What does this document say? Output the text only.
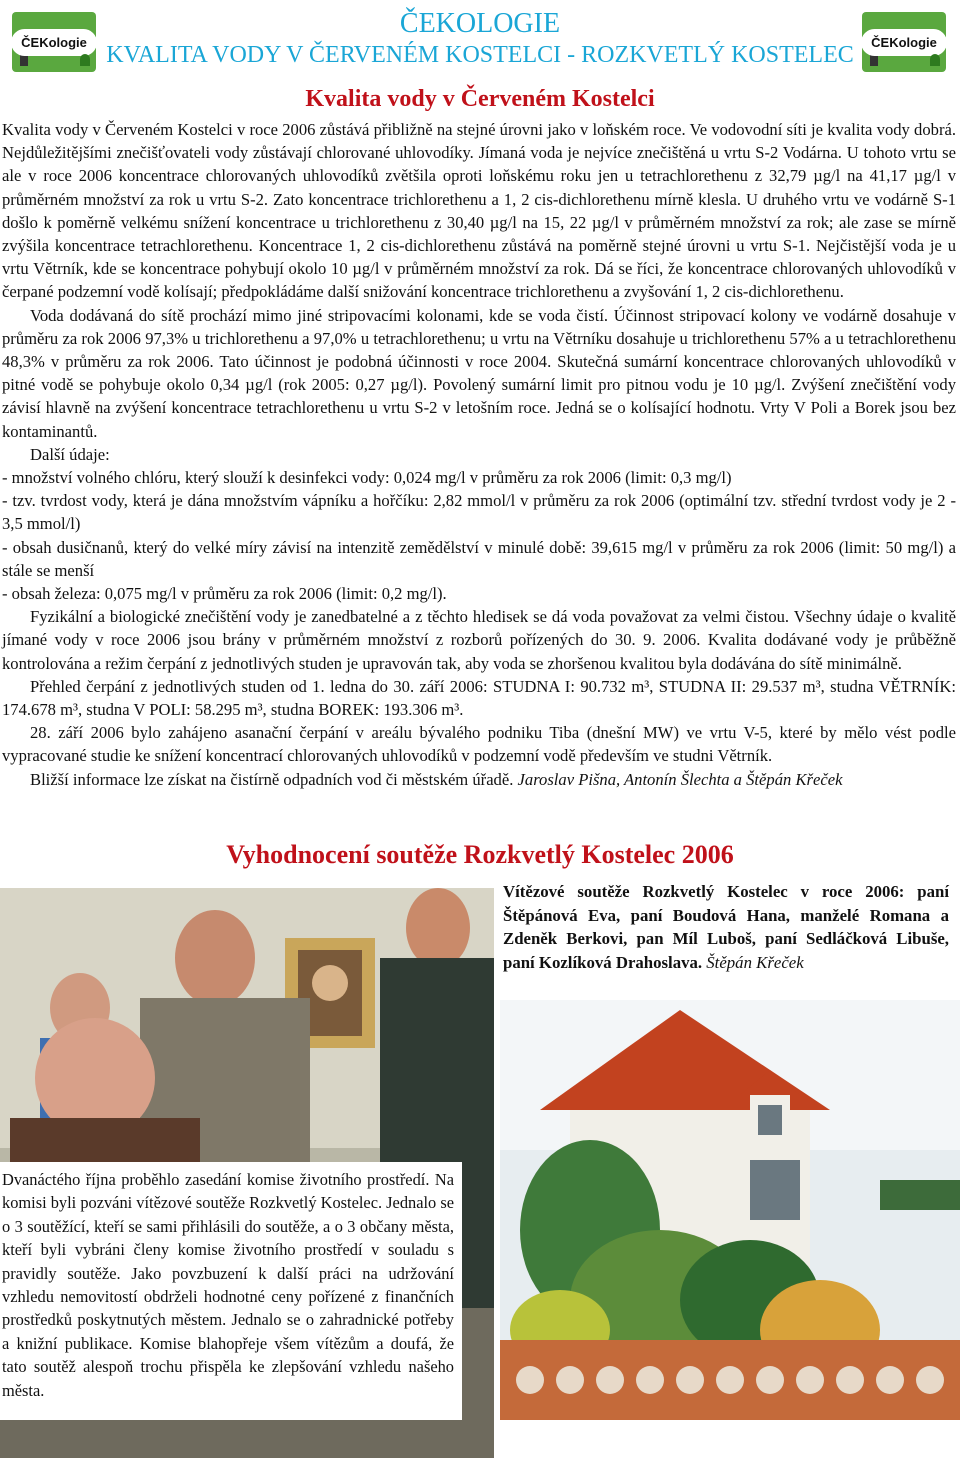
ČEKologie
ČEKOLOGIE
KVALITA VODY V ČERVENÉM KOSTELCI - ROZKVETLÝ KOSTELEC	ČEKologie
Kvalita vody v Červeném Kostelci

Kvalita vody v Červeném Kostelci v roce 2006 zůstává přibližně na stejné úrovni jako v loňském roce. Ve vodovodní síti je kvalita vody dobrá. Nejdůležitějšími znečišťovateli vody zůstávají chlorované uhlovodíky. Jímaná voda je nejvíce znečištěná u vrtu S-2 Vodárna. U tohoto vrtu se ale v roce 2006 koncentrace chlorovaných uhlovodíků zvětšila oproti loňskému roku jen u tetrachlorethenu z 32,79 µg/l na 41,17 µg/l v průměrném množství za rok u vrtu S-2. Zato koncentrace trichlorethenu a 1, 2 cis-dichlorethenu mírně klesla. U druhého vrtu ve vodárně S-1 došlo k poměrně velkému snížení koncentrace u trichlorethenu z 30,40 µg/l na 15, 22 µg/l v průměrném množství za rok; ale zase se mírně zvýšila koncentrace tetrachlorethenu. Koncentrace 1, 2 cis-dichlorethenu zůstává na poměrně stejné úrovni u vrtu S-1. Nejčistější voda je u vrtu Větrník, kde se koncentrace pohybují okolo 10 µg/l v průměrném množství za rok. Dá se říci, že koncentrace chlorovaných uhlovodíků v čerpané podzemní vodě kolísají; předpokládáme další snižování koncentrace trichlorethenu a zvyšování 1, 2 cis-dichlorethenu.

Voda dodávaná do sítě prochází mimo jiné stripovacími kolonami, kde se voda čistí. Účinnost stripovací kolony ve vodárně dosahuje v průměru za rok 2006 97,3% u trichlorethenu a 97,0% u tetrachlorethenu; u vrtu na Větrníku dosahuje u trichlorethenu 57% a u tetrachlorethenu 48,3% v průměru za rok 2006. Tato účinnost je podobná účinnosti v roce 2004. Skutečná sumární koncentrace chlorovaných uhlovodíků v pitné vodě se pohybuje okolo 0,34 µg/l (rok 2005: 0,27 µg/l). Povolený sumární limit pro pitnou vodu je 10 µg/l. Zvýšení znečištění vody závisí hlavně na zvýšení koncentrace tetrachlorethenu u vrtu S-2 v letošním roce. Jedná se o kolísající hodnotu. Vrty V Poli a Borek jsou bez kontaminantů.

Další údaje:

- množství volného chlóru, který slouží k desinfekci vody: 0,024 mg/l v průměru za rok 2006 (limit: 0,3 mg/l)

- tzv. tvrdost vody, která je dána množstvím vápníku a hořčíku: 2,82 mmol/l v průměru za rok 2006 (optimální tzv. střední tvrdost vody je 2 - 3,5 mmol/l)

- obsah dusičnanů, který do velké míry závisí na intenzitě zemědělství v minulé době: 39,615 mg/l v průměru za rok 2006 (limit: 50 mg/l) a stále se menší

- obsah železa: 0,075 mg/l v průměru za rok 2006 (limit: 0,2 mg/l).

Fyzikální a biologické znečištění vody je zanedbatelné a z těchto hledisek se dá voda považovat za velmi čistou. Všechny údaje o kvalitě jímané vody v roce 2006 jsou brány v průměrném množství z rozborů pořízených do 30. 9. 2006. Kvalita dodávané vody je průběžně kontrolována a režim čerpání z jednotlivých studen je upravován tak, aby voda se zhoršenou kvalitou byla dodávána do sítě minimálně.

Přehled čerpání z jednotlivých studen od 1. ledna do 30. září 2006: STUDNA I: 90.732 m³, STUDNA II: 29.537 m³, studna VĚTRNÍK: 174.678 m³, studna V POLI: 58.295 m³, studna BOREK: 193.306 m³.

28. září 2006 bylo zahájeno asanační čerpání v areálu bývalého podniku Tiba (dnešní MW) ve vrtu V-5, které by mělo vést podle vypracované studie ke snížení koncentrací chlorovaných uhlovodíků v podzemní vodě především ve studni Větrník.

Bližší informace lze získat na čistírně odpadních vod či městském úřadě. Jaroslav Pišna, Antonín Šlechta a Štěpán Křeček

Vyhodnocení soutěže Rozkvetlý Kostelec 2006
Vítězové soutěže Rozkvetlý Kostelec v roce 2006: paní Štěpánová Eva, paní Boudová Hana, manželé Romana a Zdeněk Berkovi, pan Míl Luboš, paní Sedláčková Libuše, paní Kozlíková Drahoslava. Štěpán Křeček
Dvanáctého října proběhlo zasedání komise životního prostředí. Na komisi byli pozváni vítězové soutěže Rozkvetlý Kostelec. Jednalo se o 3 soutěžící, kteří se sami přihlásili do soutěže, a o 3 občany města, kteří byli vybráni členy komise životního prostředí v souladu s pravidly soutěže. Jako povzbuzení k další práci na udržování vzhledu nemovitostí obdrželi hodnotné ceny pořízené z finančních prostředků poskytnutých městem. Jednalo se o zahradnické potřeby a knižní publikace. Komise blahopřeje všem vítězům a doufá, že tato soutěž alespoň trochu přispěla ke zlepšování vzhledu našeho města.
